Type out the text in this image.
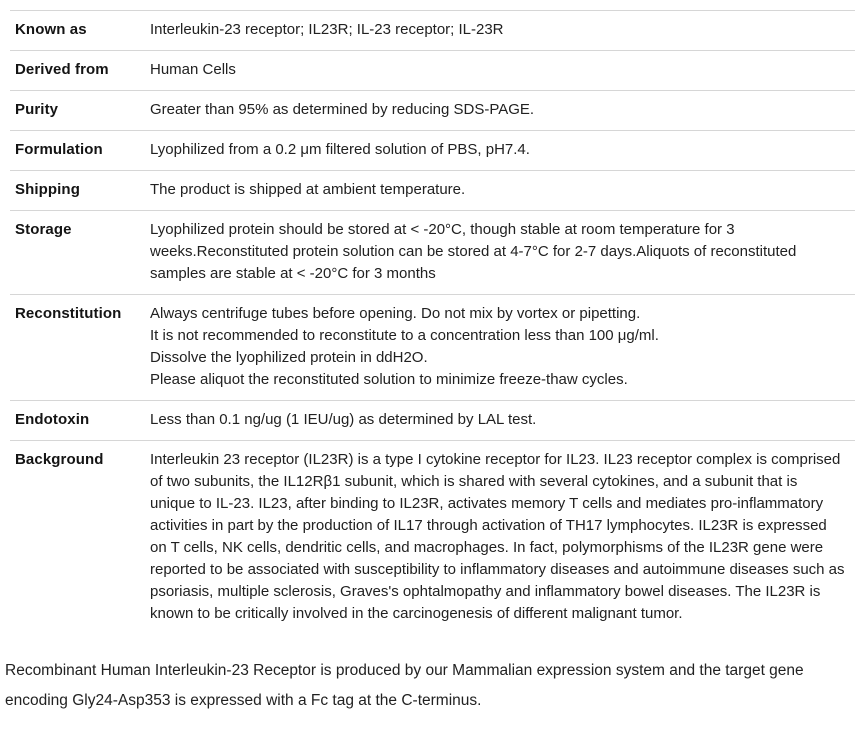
Known as	Interleukin-23 receptor; IL23R; IL-23 receptor; IL-23R
Derived from	Human Cells
Purity	Greater than 95% as determined by reducing SDS-PAGE.
Formulation	Lyophilized from a 0.2 μm filtered solution of PBS, pH7.4.
Shipping	The product is shipped at ambient temperature.
Storage	Lyophilized protein should be stored at < -20°C, though stable at room temperature for 3 weeks.Reconstituted protein solution can be stored at 4-7°C for 2-7 days.Aliquots of reconstituted samples are stable at < -20°C for 3 months
Reconstitution	Always centrifuge tubes before opening. Do not mix by vortex or pipetting.
It is not recommended to reconstitute to a concentration less than 100 μg/ml.
Dissolve the lyophilized protein in ddH2O.
Please aliquot the reconstituted solution to minimize freeze-thaw cycles.
Endotoxin	Less than 0.1 ng/ug (1 IEU/ug) as determined by LAL test.
Background	Interleukin 23 receptor (IL23R) is a type I cytokine receptor for IL23. IL23 receptor complex is comprised of two subunits, the IL12Rβ1 subunit, which is shared with several cytokines, and a subunit that is unique to IL-23. IL23, after binding to IL23R, activates memory T cells and mediates pro-inflammatory activities in part by the production of IL17 through activation of TH17 lymphocytes. IL23R is expressed on T cells, NK cells, dendritic cells, and macrophages. In fact, polymorphisms of the IL23R gene were reported to be associated with susceptibility to inflammatory diseases and autoimmune diseases such as psoriasis, multiple sclerosis, Graves's ophtalmopathy and inflammatory bowel diseases. The IL23R is known to be critically involved in the carcinogenesis of different malignant tumor.

Recombinant Human Interleukin-23 Receptor is produced by our Mammalian expression system and the target gene encoding Gly24-Asp353 is expressed with a Fc tag at the C-terminus.
